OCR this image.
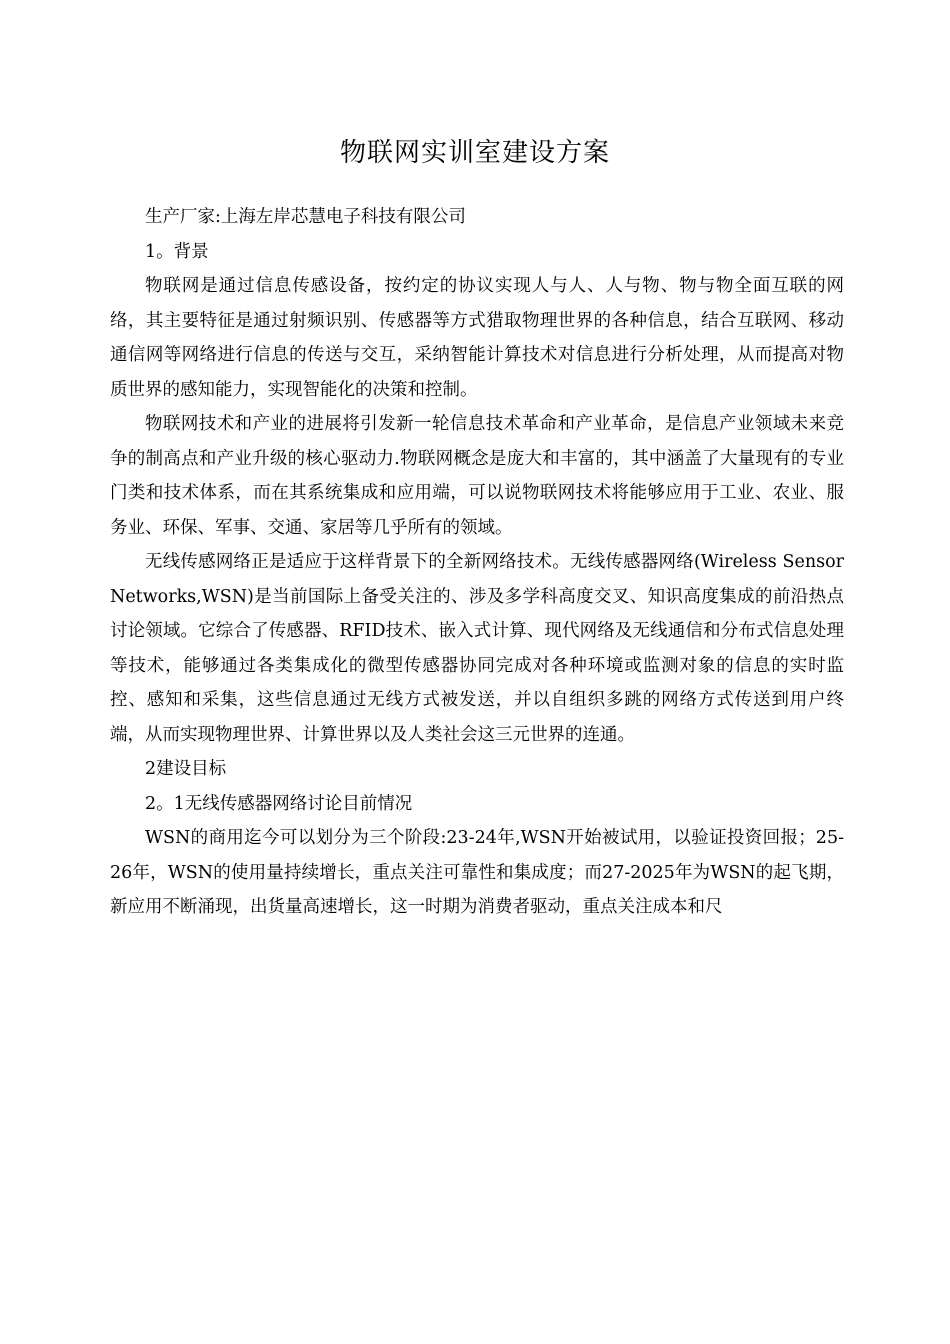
物联网实训室建设方案

生产厂家:上海左岸芯慧电子科技有限公司

1。背景

物联网是通过信息传感设备，按约定的协议实现人与人、人与物、物与物全面互联的网络，其主要特征是通过射频识别、传感器等方式猎取物理世界的各种信息，结合互联网、移动通信网等网络进行信息的传送与交互，采纳智能计算技术对信息进行分析处理，从而提高对物质世界的感知能力，实现智能化的决策和控制。

物联网技术和产业的进展将引发新一轮信息技术革命和产业革命，是信息产业领域未来竞争的制高点和产业升级的核心驱动力.物联网概念是庞大和丰富的，其中涵盖了大量现有的专业门类和技术体系，而在其系统集成和应用端，可以说物联网技术将能够应用于工业、农业、服务业、环保、军事、交通、家居等几乎所有的领域。

无线传感网络正是适应于这样背景下的全新网络技术。无线传感器网络(Wireless Sensor Networks,WSN)是当前国际上备受关注的、涉及多学科高度交叉、知识高度集成的前沿热点讨论领域。它综合了传感器、RFID技术、嵌入式计算、现代网络及无线通信和分布式信息处理等技术，能够通过各类集成化的微型传感器协同完成对各种环境或监测对象的信息的实时监控、感知和采集，这些信息通过无线方式被发送，并以自组织多跳的网络方式传送到用户终端，从而实现物理世界、计算世界以及人类社会这三元世界的连通。

2建设目标

2。1无线传感器网络讨论目前情况

WSN的商用迄今可以划分为三个阶段:23-24年,WSN开始被试用，以验证投资回报；25-26年，WSN的使用量持续增长，重点关注可靠性和集成度；而27-2025年为WSN的起飞期，新应用不断涌现，出货量高速增长，这一时期为消费者驱动，重点关注成本和尺
